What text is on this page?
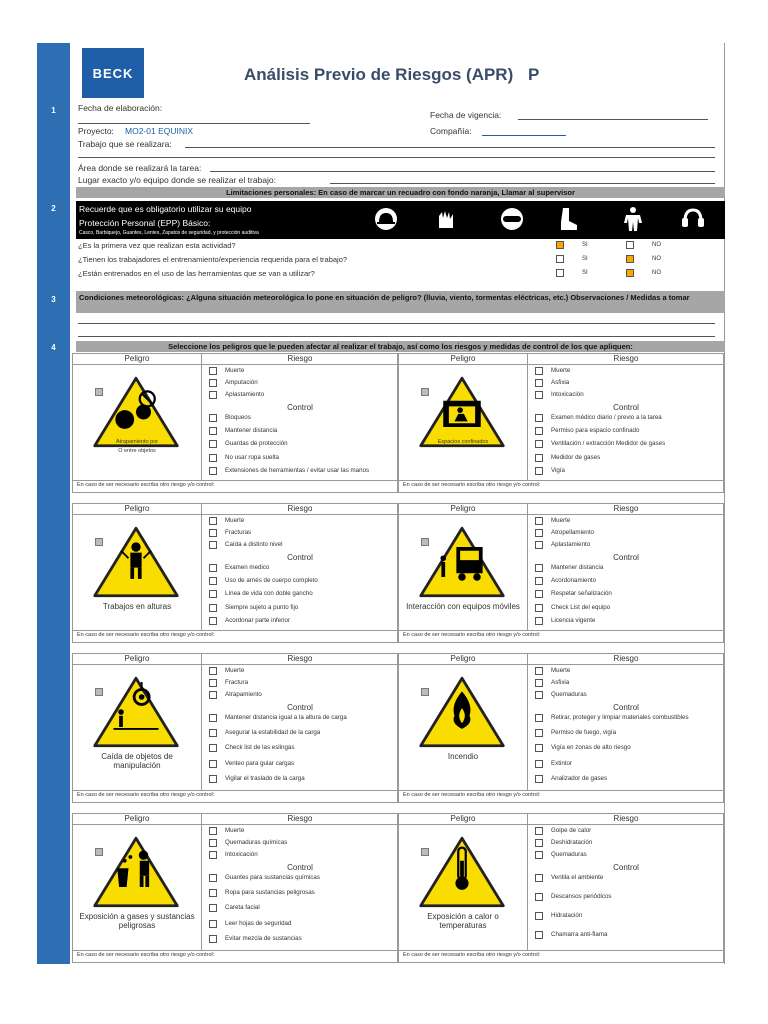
1
2
3
4
BECK	Análisis Previo de Riesgos (APR) P
Fecha de elaboración:
Fecha de vigencia:
Proyecto: MO2-01 EQUINIX	Compañía:
Trabajo que se realizara:
Área donde se realizará la tarea:
Lugar exacto y/o equipo donde se realizar el trabajo:
Limitaciones personales: En caso de marcar un recuadro con fondo naranja, Llamar al supervisor
Recuerde que es obligatorio utilizar su equipo
Protección Personal (EPP) Básico:
Casco, Barbiquejo, Guantes, Lentes, Zapatos de seguridad, y protección auditiva
¿Es la primera vez que realizan esta actividad?	SI	NO
¿Tienen los trabajadores el entrenamiento/experiencia requerida para el trabajo?	SI	NO
¿Están entrenados en el uso de las herramientas que se van a utilizar?	SI	NO
Condiciones meteorológicas: ¿Alguna situación meteorológica lo pone en situación de peligro? (lluvia, viento, tormentas eléctricas, etc.) Observaciones / Medidas a tomar
Seleccione los peligros que le pueden afectar al realizar el trabajo, así como los riesgos y medidas de control de los que apliquen:
Peligro	Riesgo
Atrapamiento por
O entre objetos
Muerte
Amputación
Aplastamiento
Control
Bloqueos
Mantener distancia
Guardas de protección
No usar ropa suelta
Extensiones de herramientas / evitar usar las manos
En caso de ser necesario escriba otro riesgo y/o control:
Peligro	Riesgo
Espacios confinados
Muerte
Asfixia
Intoxicación
Control
Examen médico diario / previo a la tarea
Permiso para espacio confinado
Ventilación / extracción Medidor de gases
Medidor de gases
Vigía
En caso de ser necesario escriba otro riesgo y/o control:
Peligro	Riesgo
Trabajos en alturas
Muerte
Fracturas
Caída a distinto nivel
Control
Examen medico
Uso de arnés de cuerpo completo
Línea de vida con doble gancho
Siempre sujeto a punto fijo
Acordonar parte inferior
En caso de ser necesario escriba otro riesgo y/o control:
Peligro	Riesgo
Interacción con equipos móviles
Muerte
Atropellamiento
Aplastamiento
Control
Mantener distancia
Acordonamiento
Respetar señalización
Check List del equipo
Licencia vigente
En caso de ser necesario escriba otro riesgo y/o control:
Peligro	Riesgo
Caída de objetos de manipulación
Muerte
Fractura
Atrapamiento
Control
Mantener distancia igual a la altura de carga
Asegurar la estabilidad de la carga
Check list de las eslingas
Venteo para guiar cargas
Vigilar el traslado de la carga
En caso de ser necesario escriba otro riesgo y/o control:
Peligro	Riesgo
Incendio
Muerte
Asfixia
Quemaduras
Control
Retirar, proteger y limpiar materiales combustibles
Permiso de fuego, vigía
Vigía en zonas de alto riesgo
Extintor
Analizador de gases
En caso de ser necesario escriba otro riesgo y/o control:
Peligro	Riesgo
Exposición a gases y sustancias peligrosas
Muerte
Quemaduras químicas
Intoxicación
Control
Guantes para sustancias químicas
Ropa para sustancias peligrosas
Careta facial
Leer hojas de seguridad
Evitar mezcla de sustancias
En caso de ser necesario escriba otro riesgo y/o control:
Peligro	Riesgo
Exposición a calor o temperaturas
Golpe de calor
Deshidratación
Quemaduras
Control
Ventila el ambiente
Descansos periódicos
Hidratación
Chamarra anti-flama
En caso de ser necesario escriba otro riesgo y/o control:
